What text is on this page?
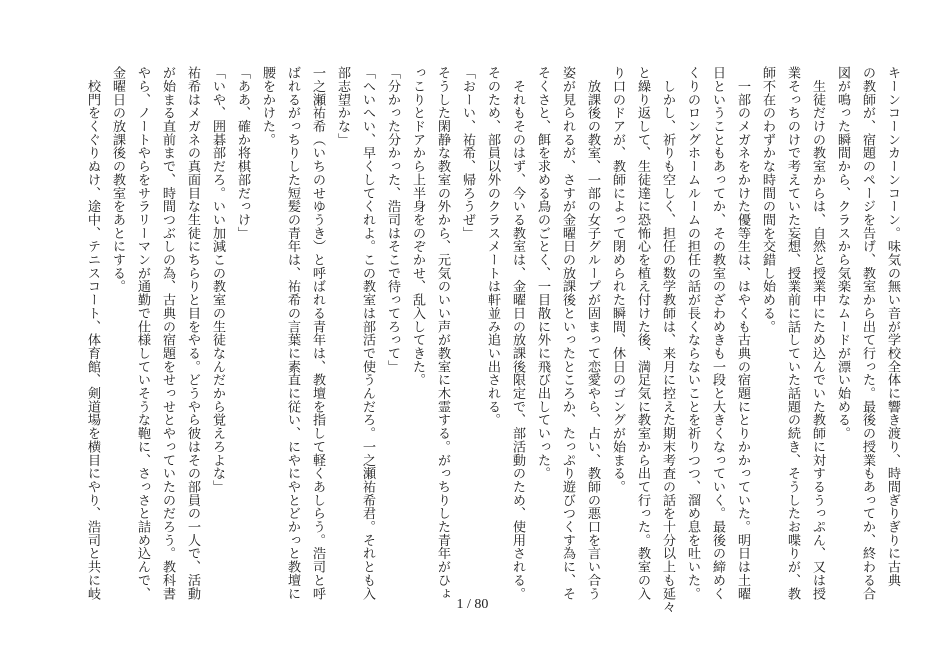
キーンコーンカーンコーン。味気の無い音が学校全体に響き渡り、時間ぎりぎりに古典
の教師が、宿題のページを告げ、教室から出て行った。最後の授業もあってか、終わる合
図が鳴った瞬間から、クラスから気楽なムードが漂い始める。
　生徒だけの教室からは、自然と授業中にため込んでいた教師に対するうっぷん、又は授
業そっちのけで考えていた妄想、授業前に話していた話題の続き、そうしたお喋りが、教
師不在のわずかな時間の間を交錯し始める。
　一部のメガネをかけた優等生は、はやくも古典の宿題にとりかかっていた。明日は土曜
日ということもあってか、その教室のざわめきも一段と大きくなっていく。最後の締めく
くりのロングホームルームの担任の話が長くならないことを祈りつつ、溜め息を吐いた。
　しかし、祈りも空しく、担任の数学教師は、来月に控えた期末考査の話を十分以上も延々
と繰り返して、生徒達に恐怖心を植え付けた後、満足気に教室から出て行った。教室の入
り口のドアが、教師によって閉められた瞬間、休日のゴングが始まる。
　放課後の教室、一部の女子グループが固まって恋愛やら、占い、教師の悪口を言い合う
姿が見られるが、さすが金曜日の放課後といったところか、たっぷり遊びつくす為に、そ
そくさと、餌を求める鳥のごとく、一目散に外に飛び出していった。
　それもそのはず、今いる教室は、金曜日の放課後限定で、部活動のため、使用される。
そのため、部員以外のクラスメートは軒並み追い出される。
「おーい、祐希、帰ろうぜ」
そうした閑静な教室の外から、元気のいい声が教室に木霊する。がっちりした青年がひょ
っこりとドアから上半身をのぞかせ、乱入してきた。
「分かった分かった、浩司はそこで待ってろって」
「へいへい、早くしてくれよ。この教室は部活で使うんだろ。一之瀬祐希君。それとも入
部志望かな」
一之瀬祐希（いちのせゆうき）と呼ばれる青年は、教壇を指して軽くあしらう。浩司と呼
ばれるがっちりした短髪の青年は、祐希の言葉に素直に従い、にやにやとどかっと教壇に
腰をかけた。
「ああ、確か将棋部だっけ」
「いや、囲碁部だろ。いい加減この教室の生徒なんだから覚えろよな」
祐希はメガネの真面目な生徒にちらりと目をやる。どうやら彼はその部員の一人で、活動
が始まる直前まで、時間つぶしの為、古典の宿題をせっせとやっていたのだろう。教科書
やら、ノートやらをサラリーマンが通勤で仕様していそうな鞄に、さっさと詰め込んで、
金曜日の放課後の教室をあとにする。
　校門をくぐりぬけ、途中、テニスコート、体育館、剣道場を横目にやり、浩司と共に岐
1 / 80
